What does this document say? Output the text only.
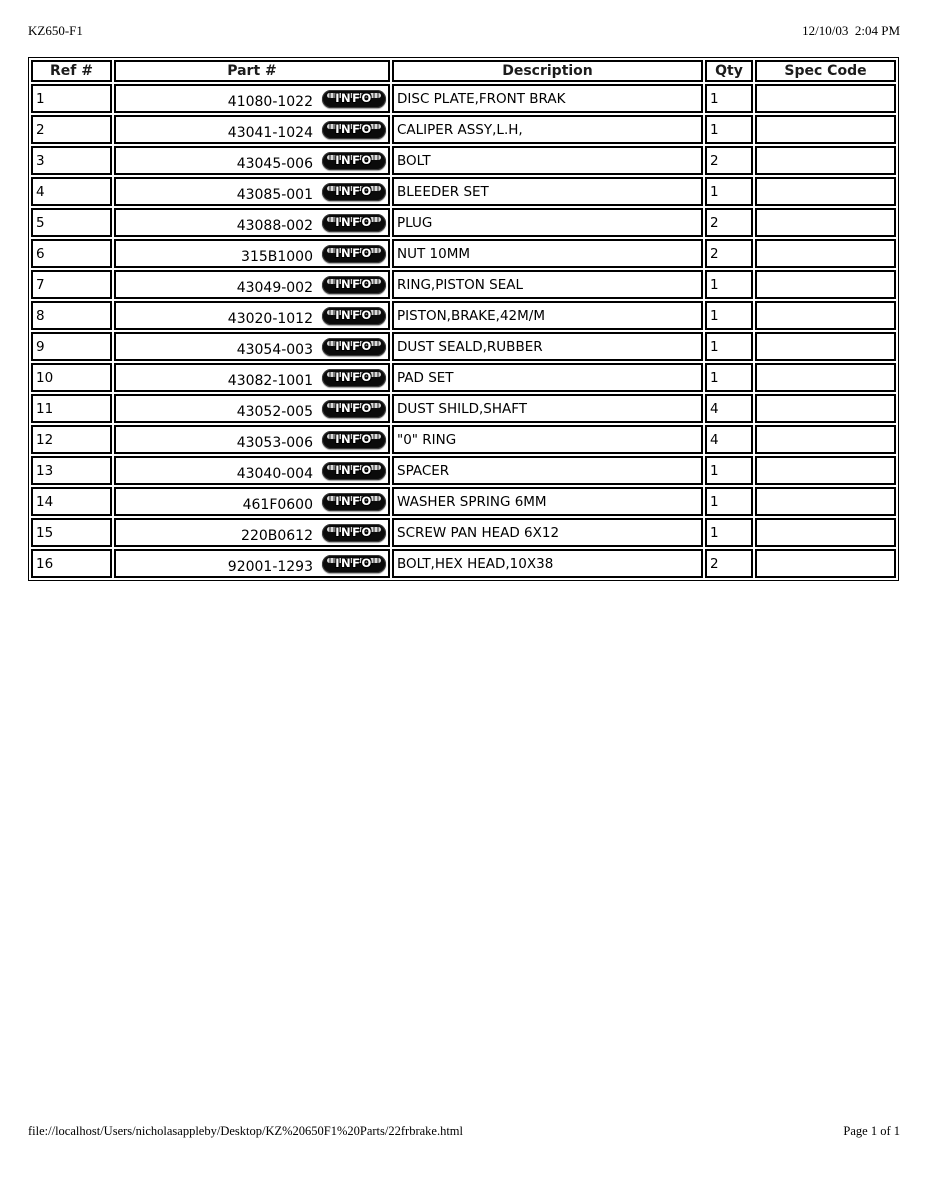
KZ650-F1	12/10/03  2:04 PM
Ref #	Part #	Description	Qty	Spec Code
1	41080-1022 INFO	DISC PLATE,FRONT BRAK	1	
2	43041-1024 INFO	CALIPER ASSY,L.H,	1	
3	43045-006 INFO	BOLT	2	
4	43085-001 INFO	BLEEDER SET	1	
5	43088-002 INFO	PLUG	2	
6	315B1000 INFO	NUT 10MM	2	
7	43049-002 INFO	RING,PISTON SEAL	1	
8	43020-1012 INFO	PISTON,BRAKE,42M/M	1	
9	43054-003 INFO	DUST SEALD,RUBBER	1	
10	43082-1001 INFO	PAD SET	1	
11	43052-005 INFO	DUST SHILD,SHAFT	4	
12	43053-006 INFO	"0" RING	4	
13	43040-004 INFO	SPACER	1	
14	461F0600 INFO	WASHER SPRING 6MM	1	
15	220B0612 INFO	SCREW PAN HEAD 6X12	1	
16	92001-1293 INFO	BOLT,HEX HEAD,10X38	2	
file://localhost/Users/nicholasappleby/Desktop/KZ%20650F1%20Parts/22frbrake.html	Page 1 of 1
